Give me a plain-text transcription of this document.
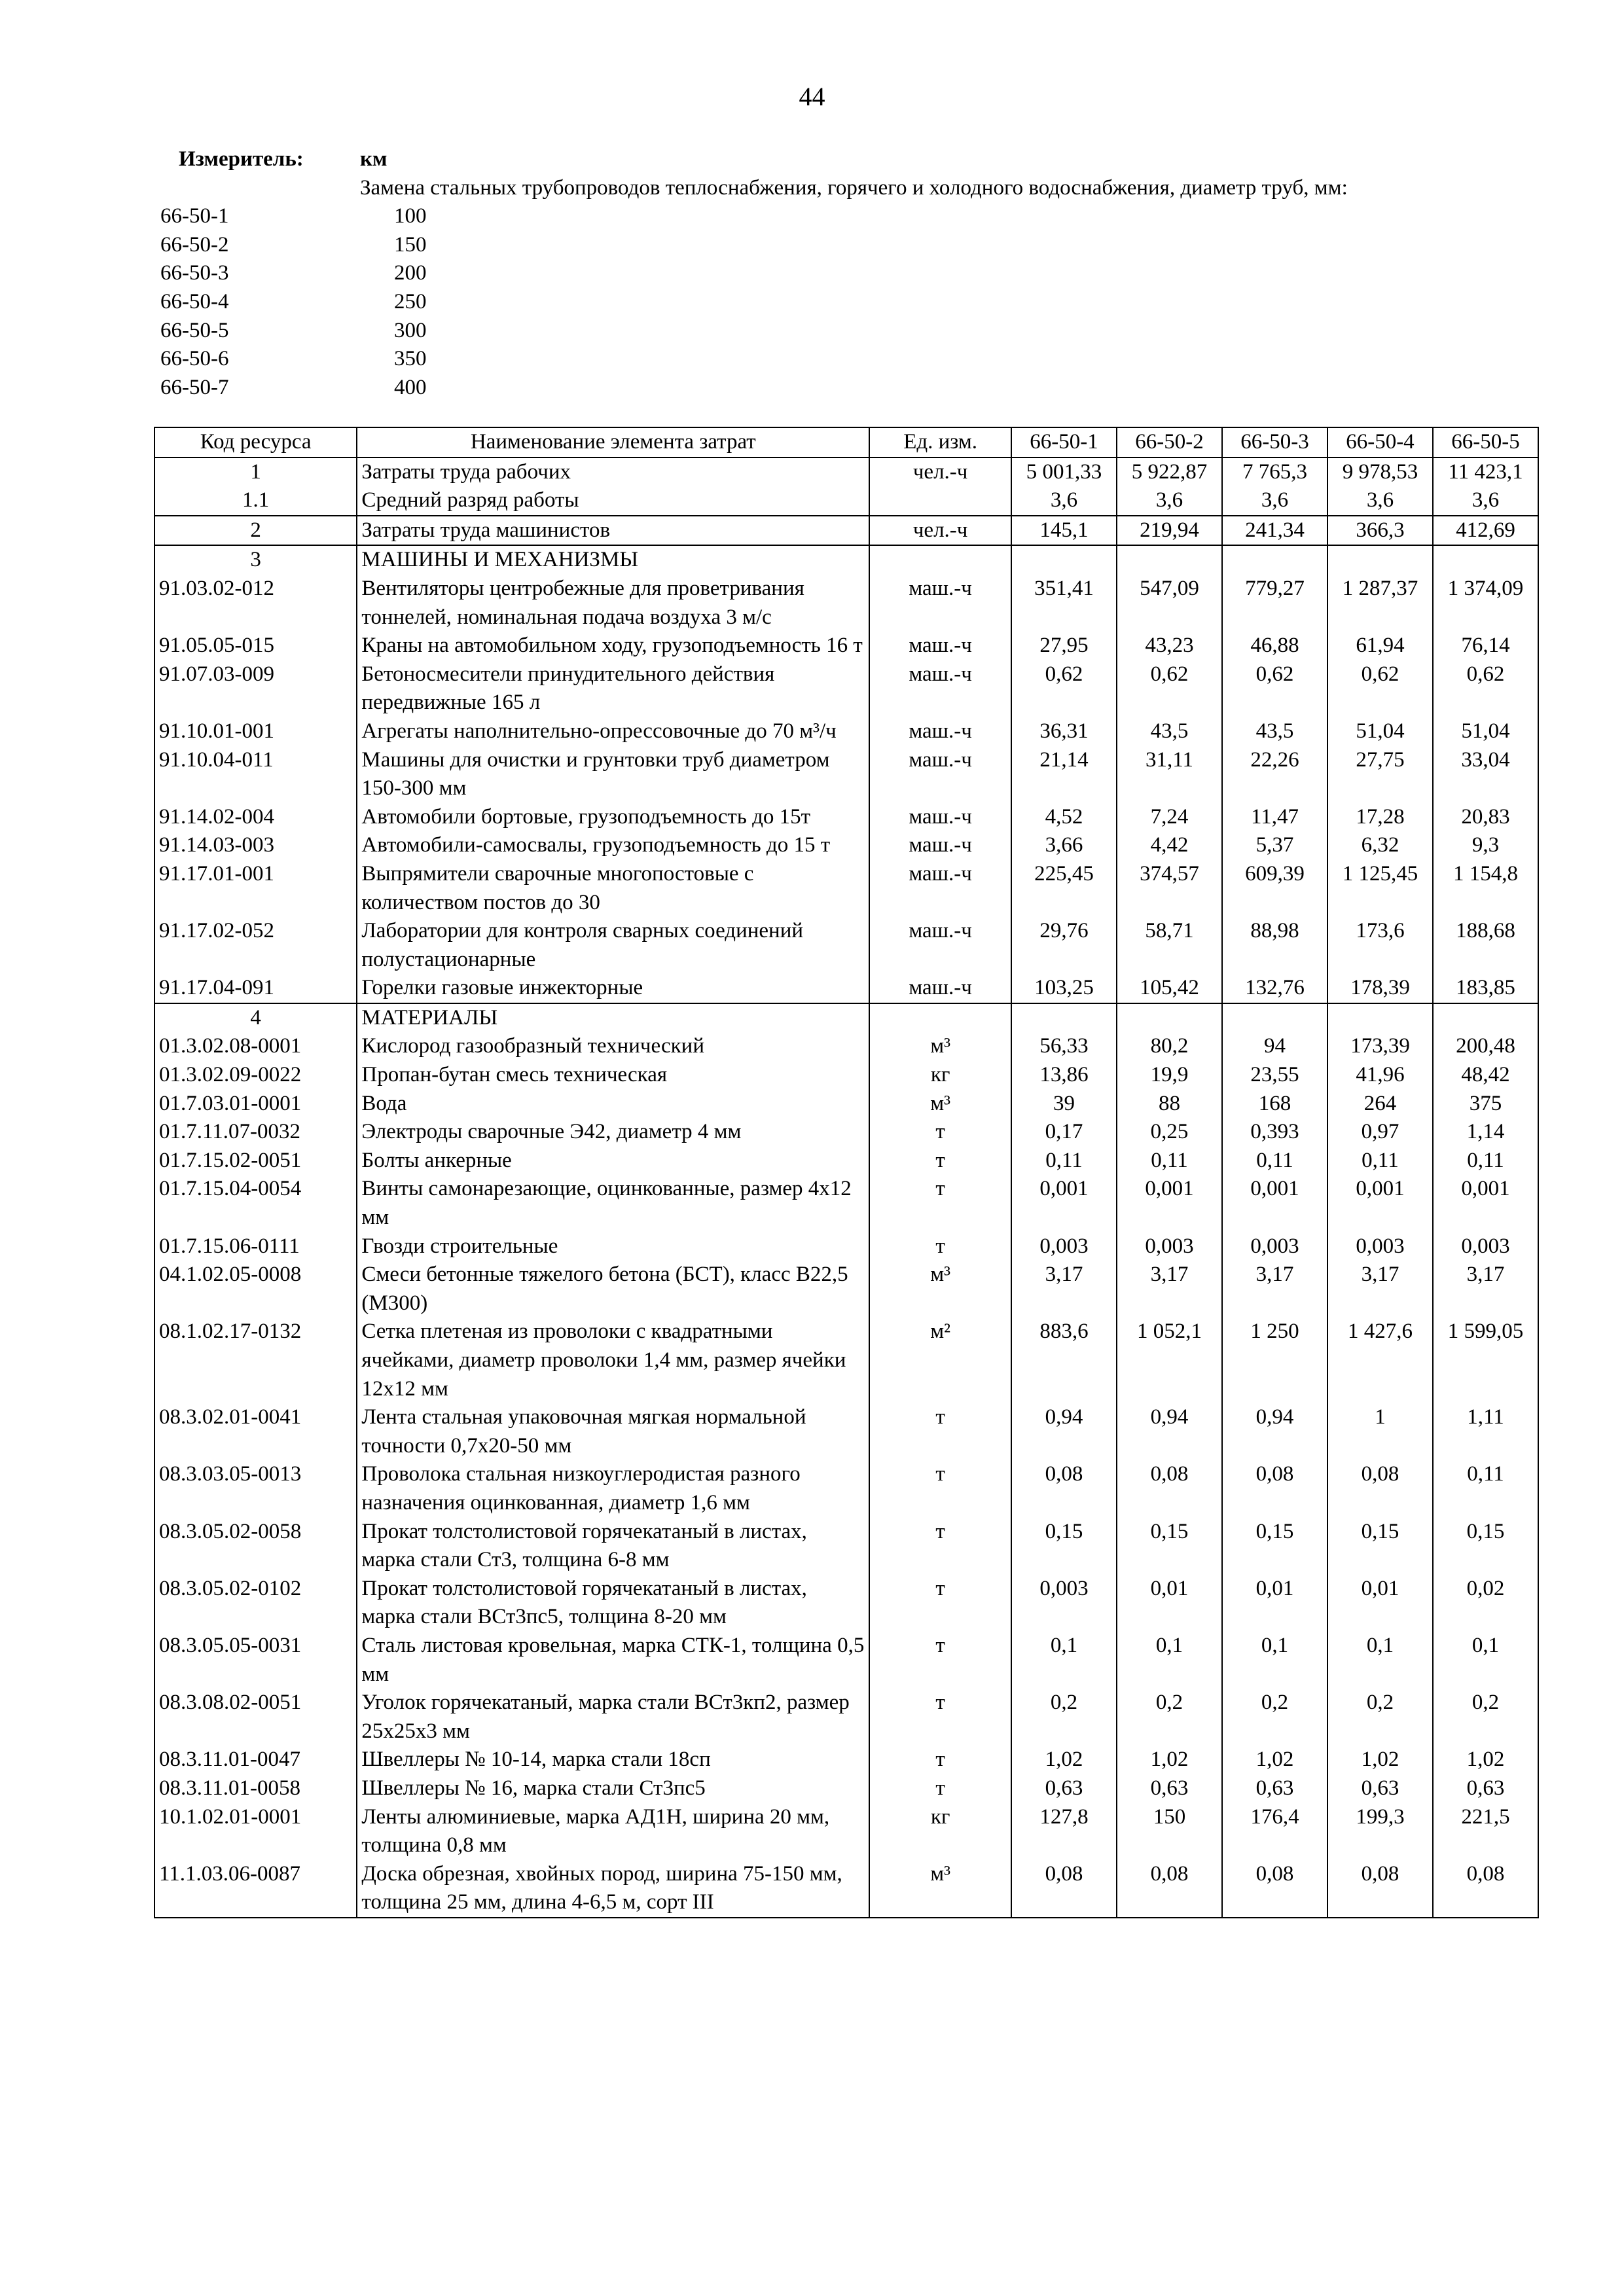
44
Измеритель:	км
Замена стальных трубопроводов теплоснабжения, горячего и холодного водоснабжения, диаметр труб, мм:
66-50-1	100
66-50-2	150
66-50-3	200
66-50-4	250
66-50-5	300
66-50-6	350
66-50-7	400
Код ресурса	Наименование элемента затрат	Ед. изм.	66-50-1	66-50-2	66-50-3	66-50-4	66-50-5
1	Затраты труда рабочих	чел.-ч	5 001,33	5 922,87	7 765,3	9 978,53	11 423,1
1.1	Средний разряд работы		3,6	3,6	3,6	3,6	3,6
2	Затраты труда машинистов	чел.-ч	145,1	219,94	241,34	366,3	412,69
3	МАШИНЫ И МЕХАНИЗМЫ						
91.03.02-012	Вентиляторы центробежные для проветривания тоннелей, номинальная подача воздуха 3 м/с	маш.-ч	351,41	547,09	779,27	1 287,37	1 374,09
91.05.05-015	Краны на автомобильном ходу, грузоподъемность 16 т	маш.-ч	27,95	43,23	46,88	61,94	76,14
91.07.03-009	Бетоносмесители принудительного действия передвижные 165 л	маш.-ч	0,62	0,62	0,62	0,62	0,62
91.10.01-001	Агрегаты наполнительно-опрессовочные до 70 м³/ч	маш.-ч	36,31	43,5	43,5	51,04	51,04
91.10.04-011	Машины для очистки и грунтовки труб диаметром 150-300 мм	маш.-ч	21,14	31,11	22,26	27,75	33,04
91.14.02-004	Автомобили бортовые, грузоподъемность до 15т	маш.-ч	4,52	7,24	11,47	17,28	20,83
91.14.03-003	Автомобили-самосвалы, грузоподъемность до 15 т	маш.-ч	3,66	4,42	5,37	6,32	9,3
91.17.01-001	Выпрямители сварочные многопостовые с количеством постов до 30	маш.-ч	225,45	374,57	609,39	1 125,45	1 154,8
91.17.02-052	Лаборатории для контроля сварных соединений полустационарные	маш.-ч	29,76	58,71	88,98	173,6	188,68
91.17.04-091	Горелки газовые инжекторные	маш.-ч	103,25	105,42	132,76	178,39	183,85
4	МАТЕРИАЛЫ						
01.3.02.08-0001	Кислород газообразный технический	м³	56,33	80,2	94	173,39	200,48
01.3.02.09-0022	Пропан-бутан смесь техническая	кг	13,86	19,9	23,55	41,96	48,42
01.7.03.01-0001	Вода	м³	39	88	168	264	375
01.7.11.07-0032	Электроды сварочные Э42, диаметр 4 мм	т	0,17	0,25	0,393	0,97	1,14
01.7.15.02-0051	Болты анкерные	т	0,11	0,11	0,11	0,11	0,11
01.7.15.04-0054	Винты самонарезающие, оцинкованные, размер 4х12 мм	т	0,001	0,001	0,001	0,001	0,001
01.7.15.06-0111	Гвозди строительные	т	0,003	0,003	0,003	0,003	0,003
04.1.02.05-0008	Смеси бетонные тяжелого бетона (БСТ), класс В22,5 (М300)	м³	3,17	3,17	3,17	3,17	3,17
08.1.02.17-0132	Сетка плетеная из проволоки с квадратными ячейками, диаметр проволоки 1,4 мм, размер ячейки 12х12 мм	м²	883,6	1 052,1	1 250	1 427,6	1 599,05
08.3.02.01-0041	Лента стальная упаковочная мягкая нормальной точности 0,7х20-50 мм	т	0,94	0,94	0,94	1	1,11
08.3.03.05-0013	Проволока стальная низкоуглеродистая разного назначения оцинкованная, диаметр 1,6 мм	т	0,08	0,08	0,08	0,08	0,11
08.3.05.02-0058	Прокат толстолистовой горячекатаный в листах, марка стали Ст3, толщина 6-8 мм	т	0,15	0,15	0,15	0,15	0,15
08.3.05.02-0102	Прокат толстолистовой горячекатаный в листах, марка стали ВСт3пс5, толщина 8-20 мм	т	0,003	0,01	0,01	0,01	0,02
08.3.05.05-0031	Сталь листовая кровельная, марка СТК-1, толщина 0,5 мм	т	0,1	0,1	0,1	0,1	0,1
08.3.08.02-0051	Уголок горячекатаный, марка стали ВСт3кп2, размер 25х25х3 мм	т	0,2	0,2	0,2	0,2	0,2
08.3.11.01-0047	Швеллеры № 10-14, марка стали 18сп	т	1,02	1,02	1,02	1,02	1,02
08.3.11.01-0058	Швеллеры № 16, марка стали Ст3пс5	т	0,63	0,63	0,63	0,63	0,63
10.1.02.01-0001	Ленты алюминиевые, марка АД1Н, ширина 20 мм, толщина 0,8 мм	кг	127,8	150	176,4	199,3	221,5
11.1.03.06-0087	Доска обрезная, хвойных пород, ширина 75-150 мм, толщина 25 мм, длина 4-6,5 м, сорт III	м³	0,08	0,08	0,08	0,08	0,08
